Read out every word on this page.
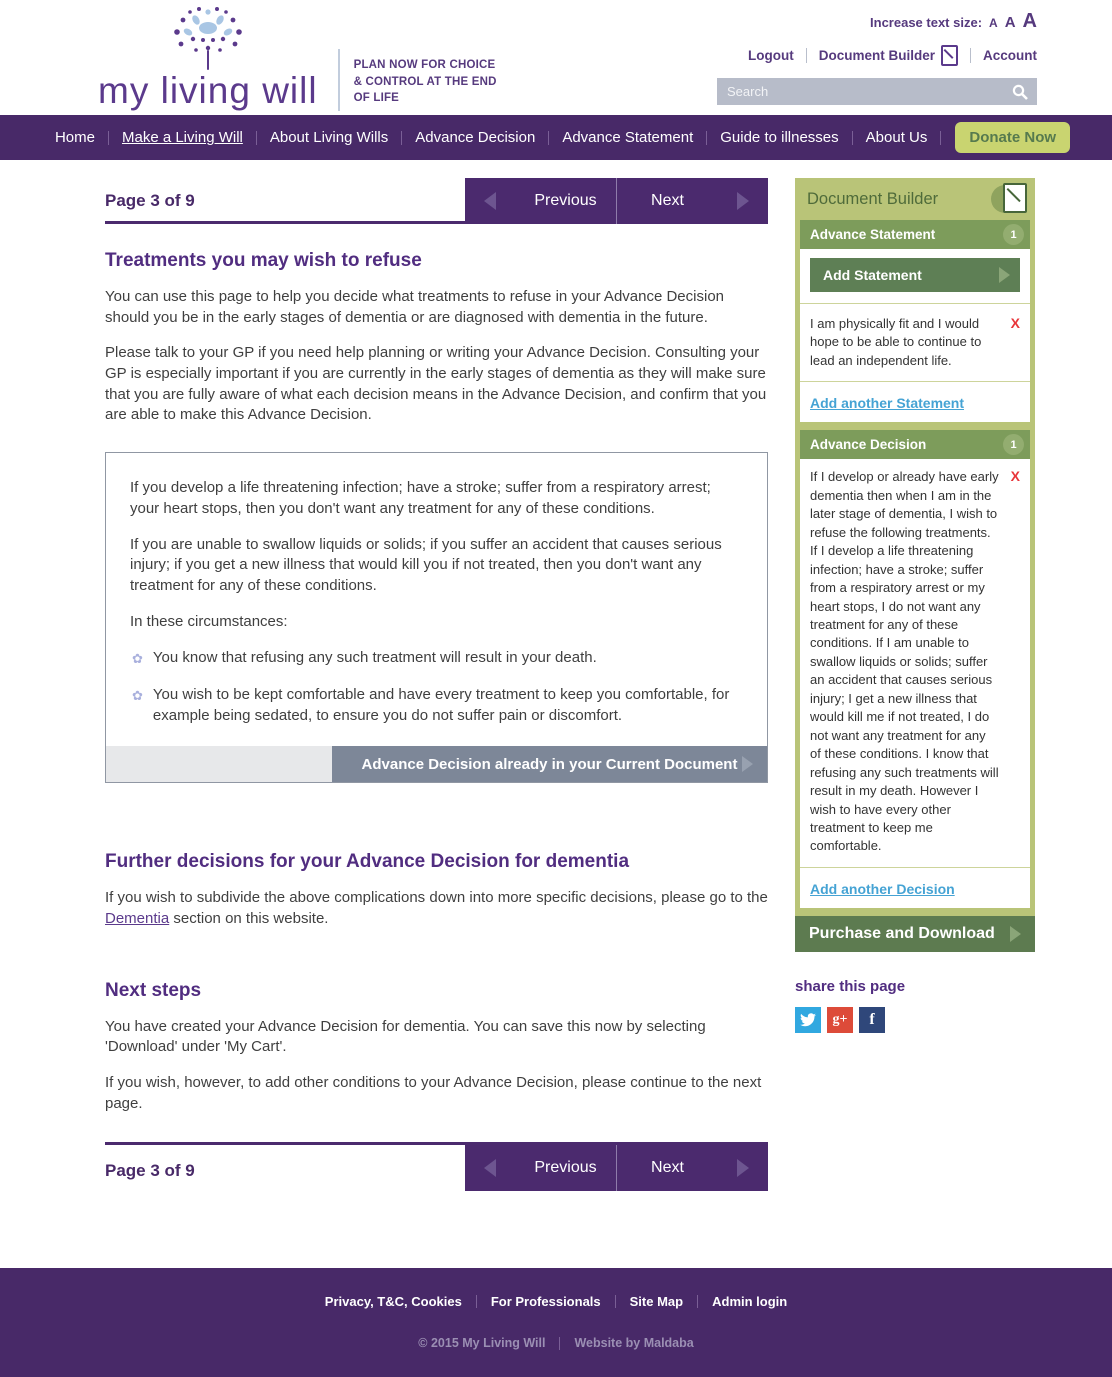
my living will
PLAN NOW FOR CHOICE
& CONTROL AT THE END
OF LIFE
Increase text size: A A A
Logout Document Builder	Account
Search
Home	Make a Living Will	About Living Wills	Advance Decision	Advance Statement	Guide to illnesses	About Us	Donate Now
Page 3 of 9	Previous	Next
Treatments you may wish to refuse

You can use this page to help you decide what treatments to refuse in your Advance Decision should you be in the early stages of dementia or are diagnosed with dementia in the future.

Please talk to your GP if you need help planning or writing your Advance Decision. Consulting your GP is especially important if you are currently in the early stages of dementia as they will make sure that you are fully aware of what each decision means in the Advance Decision, and confirm that you are able to make this Advance Decision.

If you develop a life threatening infection; have a stroke; suffer from a respiratory arrest; your heart stops, then you don't want any treatment for any of these conditions.

If you are unable to swallow liquids or solids; if you suffer an accident that causes serious injury; if you get a new illness that would kill you if not treated, then you don't want any treatment for any of these conditions.

In these circumstances:

✿ You know that refusing any such treatment will result in your death.
✿ You wish to be kept comfortable and have every treatment to keep you comfortable, for example being sedated, to ensure you do not suffer pain or discomfort.
Advance Decision already in your Current Document
Further decisions for your Advance Decision for dementia

If you wish to subdivide the above complications down into more specific decisions, please go to the Dementia section on this website.

Next steps

You have created your Advance Decision for dementia. You can save this now by selecting 'Download' under 'My Cart'.

If you wish, however, to add other conditions to your Advance Decision, please continue to the next page.

Page 3 of 9	Previous	Next
Document Builder
Advance Statement	1
Add Statement
I am physically fit and I would hope to be able to continue to lead an independent life.
X
Add another Statement
Advance Decision	1
If I develop or already have early dementia then when I am in the later stage of dementia, I wish to refuse the following treatments. If I develop a life threatening infection; have a stroke; suffer from a respiratory arrest or my heart stops, I do not want any treatment for any of these conditions. If I am unable to swallow liquids or solids; suffer an accident that causes serious injury; I get a new illness that would kill me if not treated, I do not want any treatment for any of these conditions. I know that refusing any such treatments will result in my death. However I wish to have every other treatment to keep me comfortable.
X
Add another Decision
Purchase and Download
share this page
g+ f
Privacy, T&C, Cookies For Professionals Site Map Admin login
© 2015 My Living Will Website by Maldaba
